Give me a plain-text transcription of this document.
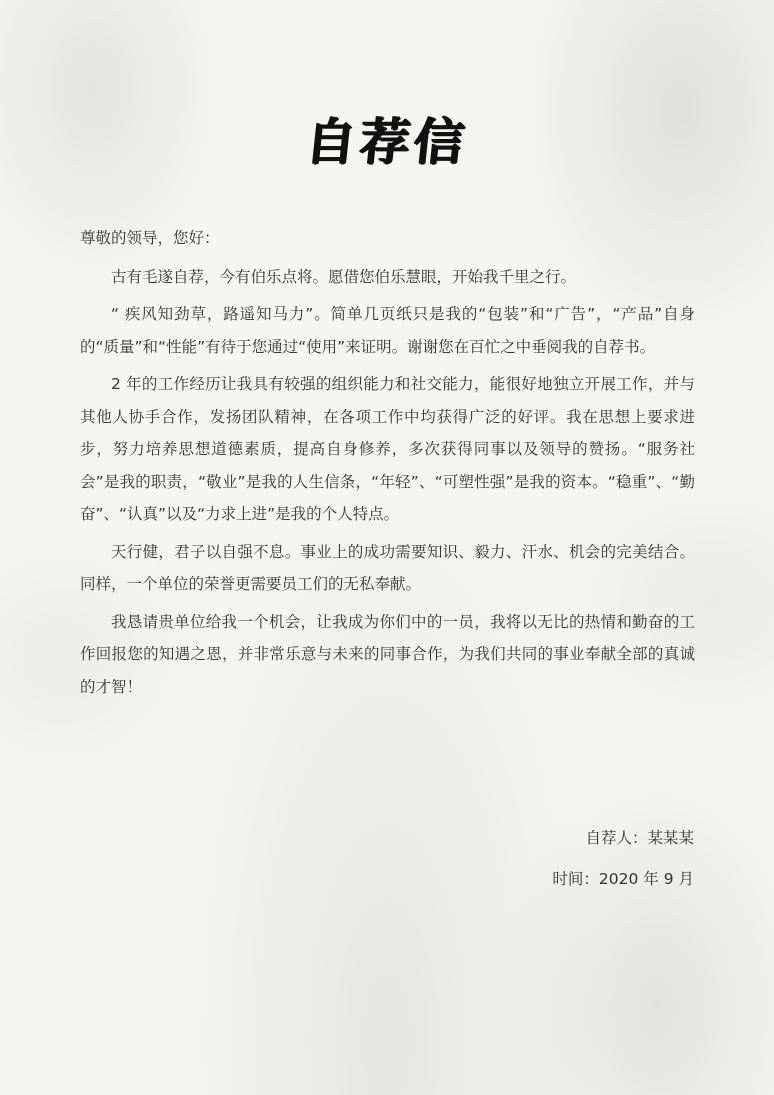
自荐信

尊敬的领导，您好：

古有毛遂自荐，今有伯乐点将。愿借您伯乐慧眼，开始我千里之行。

“ 疾风知劲草，路遥知马力”。简单几页纸只是我的“包装”和“广告”，“产品”自身的“质量”和“性能”有待于您通过“使用”来证明。谢谢您在百忙之中垂阅我的自荐书。

2 年的工作经历让我具有较强的组织能力和社交能力，能很好地独立开展工作，并与其他人协手合作，发扬团队精神，在各项工作中均获得广泛的好评。我在思想上要求进步，努力培养思想道德素质，提高自身修养，多次获得同事以及领导的赞扬。“服务社会”是我的职责，“敬业”是我的人生信条，“年轻”、“可塑性强”是我的资本。“稳重”、“勤奋”、“认真”以及“力求上进”是我的个人特点。

天行健，君子以自强不息。事业上的成功需要知识、毅力、汗水、机会的完美结合。同样，一个单位的荣誉更需要员工们的无私奉献。

我恳请贵单位给我一个机会，让我成为你们中的一员，我将以无比的热情和勤奋的工作回报您的知遇之恩，并非常乐意与未来的同事合作，为我们共同的事业奉献全部的真诚的才智！

自荐人：某某某
时间：2020 年 9 月
